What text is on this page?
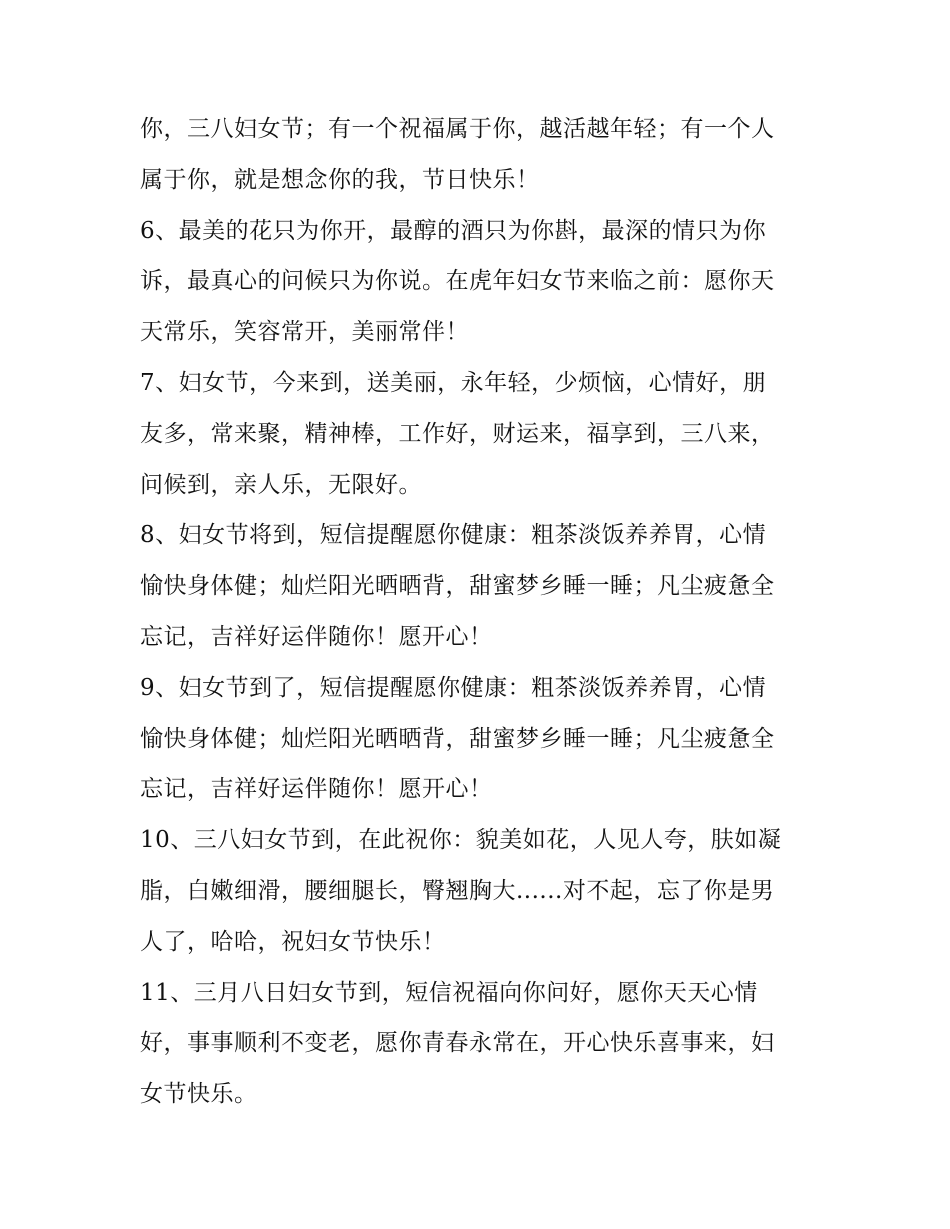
你，三八妇女节；有一个祝福属于你，越活越年轻；有一个人
属于你，就是想念你的我，节日快乐！
6、最美的花只为你开，最醇的酒只为你斟，最深的情只为你
诉，最真心的问候只为你说。在虎年妇女节来临之前：愿你天
天常乐，笑容常开，美丽常伴！
7、妇女节，今来到，送美丽，永年轻，少烦恼，心情好，朋
友多，常来聚，精神棒，工作好，财运来，福享到，三八来，
问候到，亲人乐，无限好。
8、妇女节将到，短信提醒愿你健康：粗茶淡饭养养胃，心情
愉快身体健；灿烂阳光晒晒背，甜蜜梦乡睡一睡；凡尘疲惫全
忘记，吉祥好运伴随你！愿开心！
9、妇女节到了，短信提醒愿你健康：粗茶淡饭养养胃，心情
愉快身体健；灿烂阳光晒晒背，甜蜜梦乡睡一睡；凡尘疲惫全
忘记，吉祥好运伴随你！愿开心！
10、三八妇女节到，在此祝你：貌美如花，人见人夸，肤如凝
脂，白嫩细滑，腰细腿长，臀翘胸大......对不起，忘了你是男
人了，哈哈，祝妇女节快乐！
11、三月八日妇女节到，短信祝福向你问好，愿你天天心情
好，事事顺利不变老，愿你青春永常在，开心快乐喜事来，妇
女节快乐。
